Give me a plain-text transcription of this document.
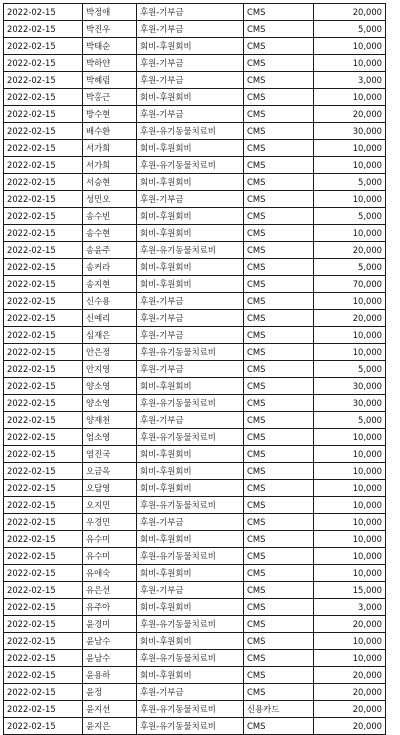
2022-02-15	박정애	후원-기부금	CMS	20,000
2022-02-15	박진우	후원-기부금	CMS	5,000
2022-02-15	박태순	회비-후원회비	CMS	10,000
2022-02-15	박하얀	후원-기부금	CMS	10,000
2022-02-15	박혜림	후원-기부금	CMS	3,000
2022-02-15	박홍근	회비-후원회비	CMS	10,000
2022-02-15	방수현	후원-기부금	CMS	20,000
2022-02-15	배수환	후원-유기동물치료비	CMS	30,000
2022-02-15	서가희	회비-후원회비	CMS	10,000
2022-02-15	서가희	후원-유기동물치료비	CMS	10,000
2022-02-15	서승현	회비-후원회비	CMS	5,000
2022-02-15	성민오	후원-기부금	CMS	10,000
2022-02-15	송수빈	회비-후원회비	CMS	5,000
2022-02-15	송수현	회비-후원회비	CMS	10,000
2022-02-15	송윤주	후원-유기동물치료비	CMS	20,000
2022-02-15	송커라	회비-후원회비	CMS	5,000
2022-02-15	송지현	회비-후원회비	CMS	70,000
2022-02-15	신수용	후원-기부금	CMS	10,000
2022-02-15	신예리	후원-기부금	CMS	20,000
2022-02-15	심재은	후원-기부금	CMS	10,000
2022-02-15	안은정	후원-유기동물치료비	CMS	10,000
2022-02-15	안지영	후원-기부금	CMS	5,000
2022-02-15	양소영	회비-후원회비	CMS	30,000
2022-02-15	양소영	후원-유기동물치료비	CMS	30,000
2022-02-15	양재천	후원-기부금	CMS	5,000
2022-02-15	엄소영	후원-유기동물치료비	CMS	10,000
2022-02-15	염진국	회비-후원회비	CMS	10,000
2022-02-15	오금옥	회비-후원회비	CMS	10,000
2022-02-15	오담영	회비-후원회비	CMS	10,000
2022-02-15	오지민	후원-유기동물치료비	CMS	10,000
2022-02-15	우경민	후원-기부금	CMS	10,000
2022-02-15	유수미	회비-후원회비	CMS	10,000
2022-02-15	유수미	후원-유기동물치료비	CMS	10,000
2022-02-15	유애숙	회비-후원회비	CMS	10,000
2022-02-15	유은선	후원-기부금	CMS	15,000
2022-02-15	유주아	회비-후원회비	CMS	3,000
2022-02-15	윤경미	후원-유기동물치료비	CMS	20,000
2022-02-15	윤남수	회비-후원회비	CMS	10,000
2022-02-15	윤남수	후원-유기동물치료비	CMS	10,000
2022-02-15	윤용하	회비-후원회비	CMS	20,000
2022-02-15	윤정	후원-기부금	CMS	20,000
2022-02-15	윤지선	후원-유기동물치료비	신용카드	20,000
2022-02-15	윤지은	후원-유기동물치료비	CMS	20,000
